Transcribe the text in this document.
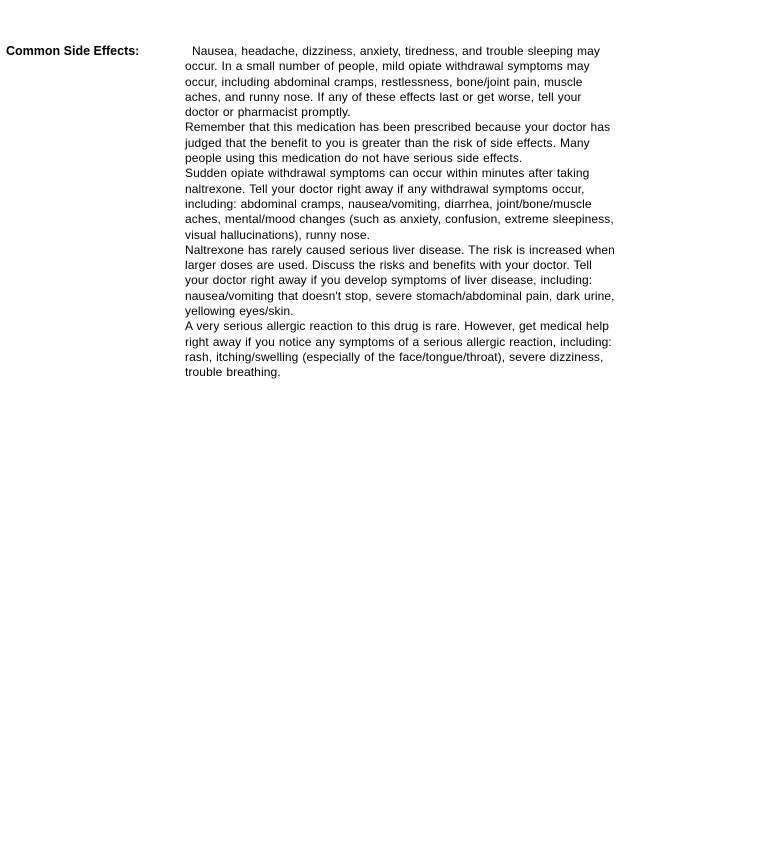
Common Side Effects:	Nausea, headache, dizziness, anxiety, tiredness, and trouble sleeping may occur. In a small number of people, mild opiate withdrawal symptoms may occur, including abdominal cramps, restlessness, bone/joint pain, muscle aches, and runny nose. If any of these effects last or get worse, tell your doctor or pharmacist promptly.

Remember that this medication has been prescribed because your doctor has judged that the benefit to you is greater than the risk of side effects. Many people using this medication do not have serious side effects.

Sudden opiate withdrawal symptoms can occur within minutes after taking naltrexone. Tell your doctor right away if any withdrawal symptoms occur, including: abdominal cramps, nausea/vomiting, diarrhea, joint/bone/muscle aches, mental/mood changes (such as anxiety, confusion, extreme sleepiness, visual hallucinations), runny nose.

Naltrexone has rarely caused serious liver disease. The risk is increased when larger doses are used. Discuss the risks and benefits with your doctor. Tell your doctor right away if you develop symptoms of liver disease, including: nausea/vomiting that doesn't stop, severe stomach/abdominal pain, dark urine, yellowing eyes/skin.

A very serious allergic reaction to this drug is rare. However, get medical help right away if you notice any symptoms of a serious allergic reaction, including: rash, itching/swelling (especially of the face/tongue/throat), severe dizziness, trouble breathing.
